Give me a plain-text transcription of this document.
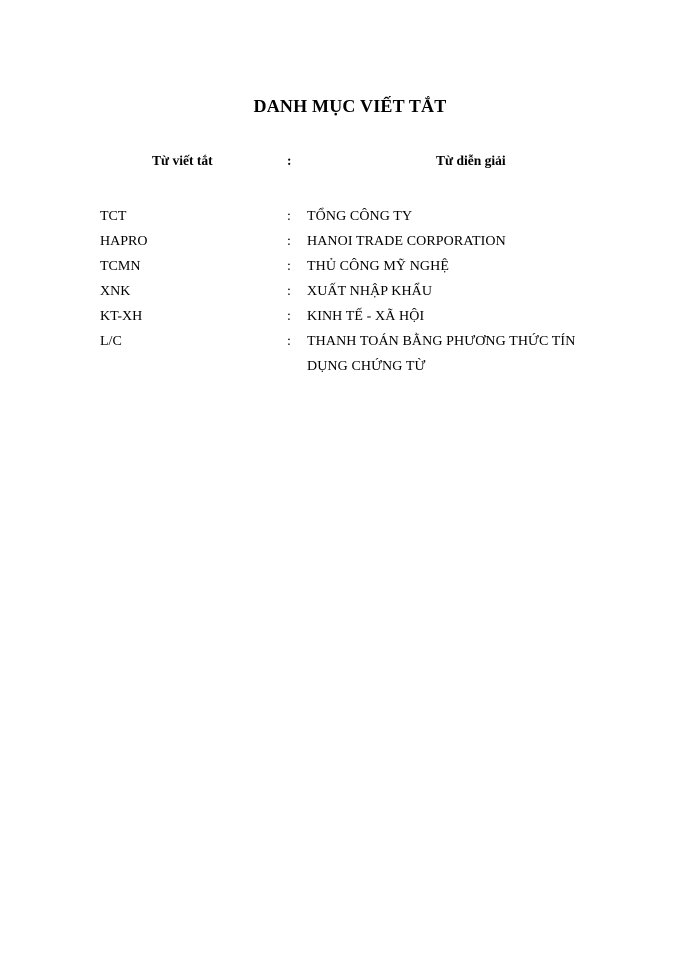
DANH MỤC VIẾT TẮT
Từ viết tắt	:	Từ diễn giải
TCT	: TỔNG CÔNG TY
HAPRO	: HANOI TRADE CORPORATION
TCMN	: THỦ CÔNG MỸ NGHỆ
XNK	: XUẤT NHẬP KHẨU
KT-XH	: KINH TẾ - XÃ HỘI
L/C	: THANH TOÁN BẰNG PHƯƠNG THỨC TÍN DỤNG CHỨNG TỪ
